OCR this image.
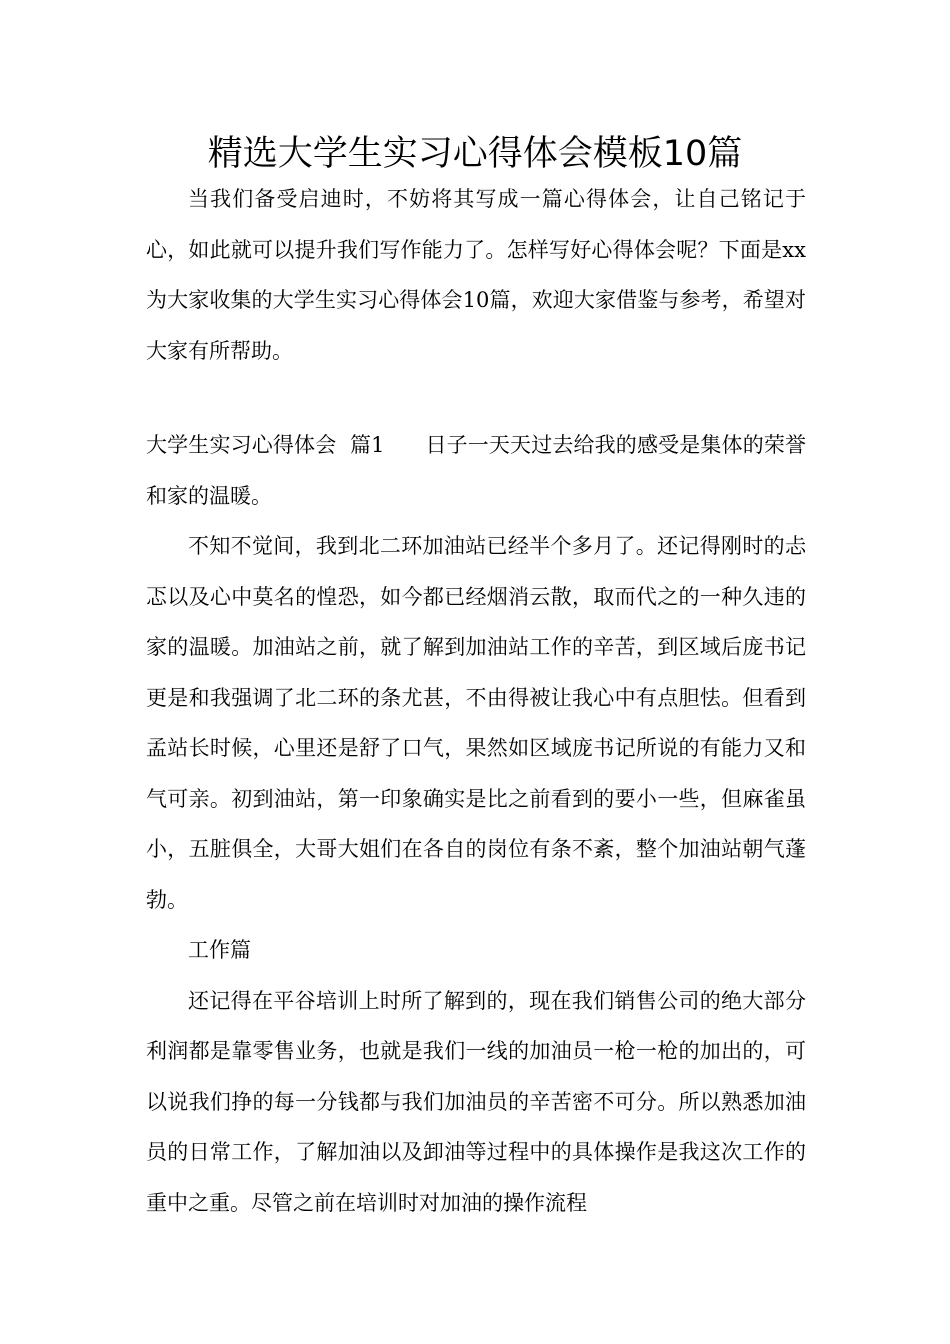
精选大学生实习心得体会模板10篇

当我们备受启迪时，不妨将其写成一篇心得体会，让自己铭记于心，如此就可以提升我们写作能力了。怎样写好心得体会呢？下面是xx为大家收集的大学生实习心得体会10篇，欢迎大家借鉴与参考，希望对大家有所帮助。

大学生实习心得体会  篇1 日子一天天过去给我的感受是集体的荣誉和家的温暖。

不知不觉间，我到北二环加油站已经半个多月了。还记得刚时的忐忑以及心中莫名的惶恐，如今都已经烟消云散，取而代之的一种久违的家的温暖。加油站之前，就了解到加油站工作的辛苦，到区域后庞书记更是和我强调了北二环的条尤甚，不由得被让我心中有点胆怯。但看到孟站长时候，心里还是舒了口气，果然如区域庞书记所说的有能力又和气可亲。初到油站，第一印象确实是比之前看到的要小一些，但麻雀虽小，五脏俱全，大哥大姐们在各自的岗位有条不紊，整个加油站朝气蓬勃。

工作篇

还记得在平谷培训上时所了解到的，现在我们销售公司的绝大部分利润都是靠零售业务，也就是我们一线的加油员一枪一枪的加出的，可以说我们挣的每一分钱都与我们加油员的辛苦密不可分。所以熟悉加油员的日常工作，了解加油以及卸油等过程中的具体操作是我这次工作的重中之重。尽管之前在培训时对加油的操作流程
